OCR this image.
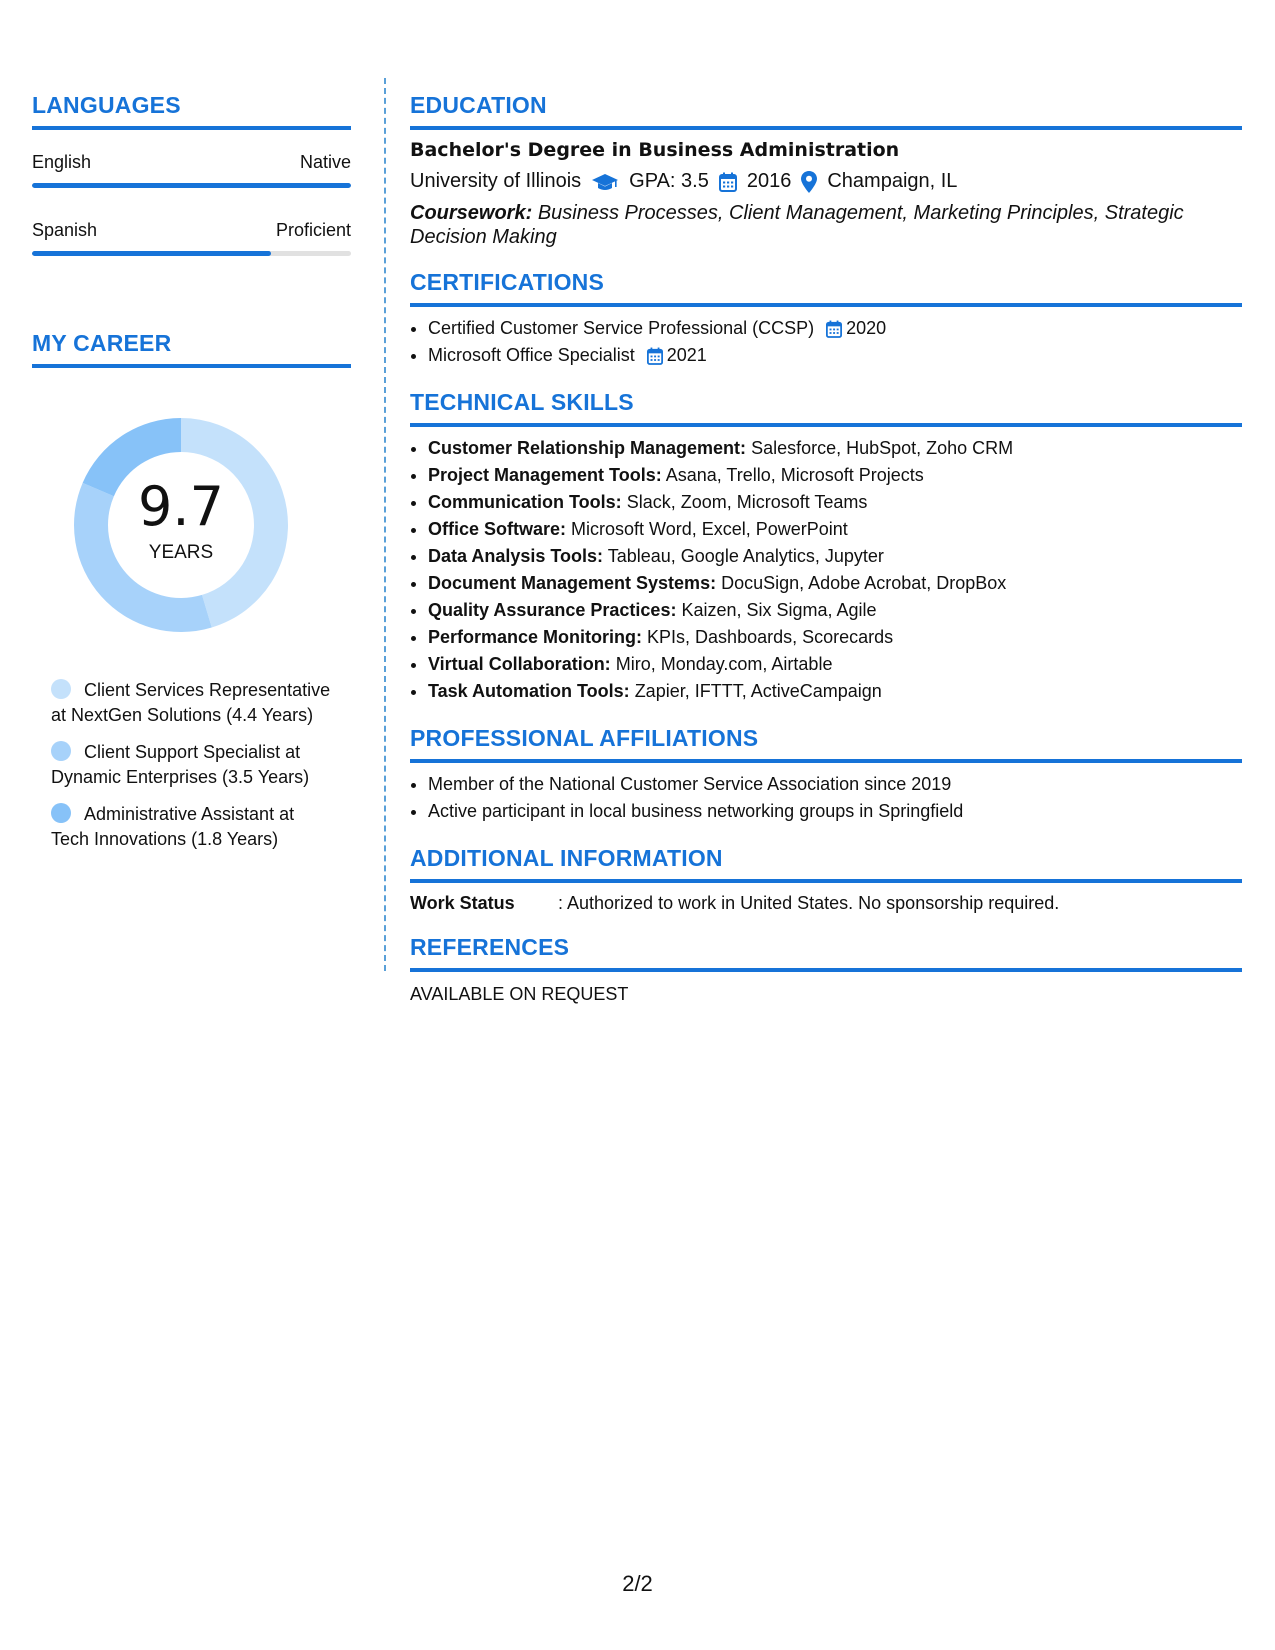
LANGUAGES
English	Native
Spanish	Proficient
MY CAREER
9.7
YEARS
Client Services Representative at NextGen Solutions (4.4 Years)
Client Support Specialist at Dynamic Enterprises (3.5 Years)
Administrative Assistant at Tech Innovations (1.8 Years)
EDUCATION
Bachelor's Degree in Business Administration
University of Illinois GPA: 3.5 2016 Champaign, IL
Coursework: Business Processes, Client Management, Marketing Principles, Strategic Decision Making
CERTIFICATIONS
• Certified Customer Service Professional (CCSP) 2020
• Microsoft Office Specialist 2021
TECHNICAL SKILLS
• Customer Relationship Management: Salesforce, HubSpot, Zoho CRM
• Project Management Tools: Asana, Trello, Microsoft Projects
• Communication Tools: Slack, Zoom, Microsoft Teams
• Office Software: Microsoft Word, Excel, PowerPoint
• Data Analysis Tools: Tableau, Google Analytics, Jupyter
• Document Management Systems: DocuSign, Adobe Acrobat, DropBox
• Quality Assurance Practices: Kaizen, Six Sigma, Agile
• Performance Monitoring: KPIs, Dashboards, Scorecards
• Virtual Collaboration: Miro, Monday.com, Airtable
• Task Automation Tools: Zapier, IFTTT, ActiveCampaign
PROFESSIONAL AFFILIATIONS
• Member of the National Customer Service Association since 2019
• Active participant in local business networking groups in Springfield
ADDITIONAL INFORMATION
Work Status	: Authorized to work in United States. No sponsorship required.
REFERENCES
AVAILABLE ON REQUEST
2/2
